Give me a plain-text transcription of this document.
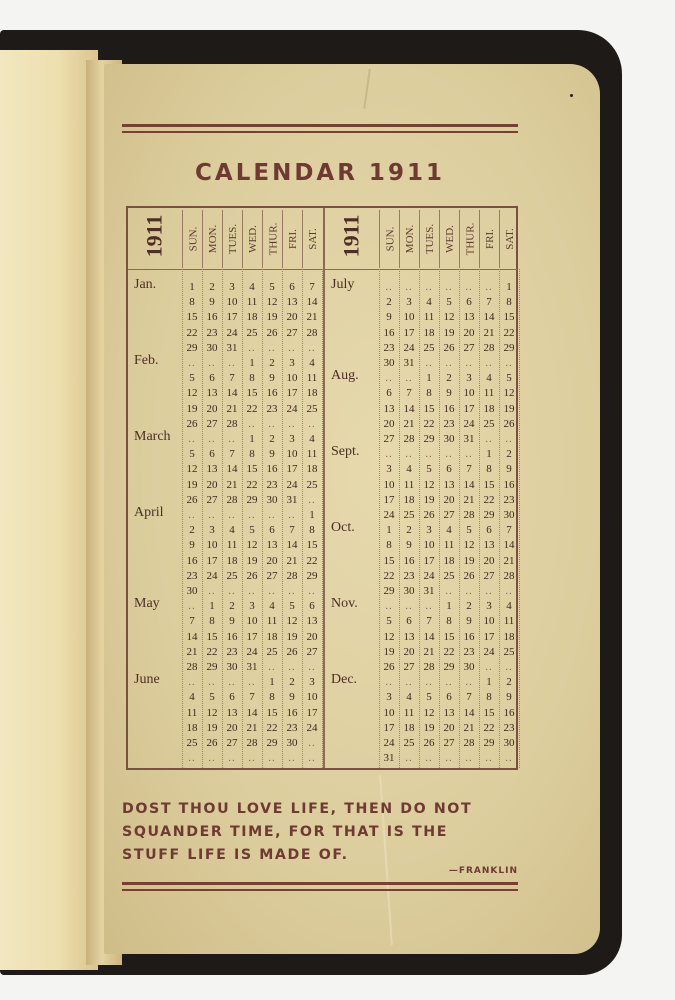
CALENDAR 1911
1911 SUN. MON. TUES. WED. THUR. FRI. SAT.
Jan.	1	2	3	4	5	6	7
8	9	10 11 12 13 14
15 16 17 18 19 20 21
22 23 24 25 26 27 28
29 30 31 ..	..	..	..
Feb.	..	..	..	1	2	3	4
5	6	7	8	9	10 11
12 13 14 15 16 17 18
19 20 21 22 23 24 25
26 27 28 ..	..	..	..
March	..	..	..	1	2	3	4
5	6	7	8	9	10 11
12 13 14 15 16 17 18
19 20 21 22 23 24 25
26 27 28 29 30 31 ..
April	..	..	..	..	..	..	1
2	3	4	5	6	7	8
9	10 11 12 13 14 15
16 17 18 19 20 21 22
23 24 25 26 27 28 29
30 ..	..	..	..	..	..
May	..	1	2	3	4	5	6
7	8	9	10 11 12 13
14 15 16 17 18 19 20
21 22 23 24 25 26 27
28 29 30 31 ..	..	..
June	..	..	..	..	1	2	3
4	5	6	7	8	9	10
11 12 13 14 15 16 17
18 19 20 21 22 23 24
25 26 27 28 29 30 ..
..	..	..	..	..	..	..
1911 SUN. MON. TUES. WED. THUR. FRI. SAT.
July	..	..	..	..	..	..	1
2	3	4	5	6	7	8
9	10 11 12 13 14 15
16 17 18 19 20 21 22
23 24 25 26 27 28 29
30 31 ..	..	..	..	..
Aug.	..	..	1	2	3	4	5
6	7	8	9	10 11 12
13 14 15 16 17 18 19
20 21 22 23 24 25 26
27 28 29 30 31 ..	..
Sept.	..	..	..	..	..	1	2
3	4	5	6	7	8	9
10 11 12 13 14 15 16
17 18 19 20 21 22 23
24 25 26 27 28 29 30
Oct.	1	2	3	4	5	6	7
8	9	10 11 12 13 14
15 16 17 18 19 20 21
22 23 24 25 26 27 28
29 30 31 ..	..	..	..
Nov.	..	..	..	1	2	3	4
5	6	7	8	9	10 11
12 13 14 15 16 17 18
19 20 21 22 23 24 25
26 27 28 29 30 ..	..
Dec.	..	..	..	..	..	1	2
3	4	5	6	7	8	9
10 11 12 13 14 15 16
17 18 19 20 21 22 23
24 25 26 27 28 29 30
31 ..	..	..	..	..	..
DOST THOU LOVE LIFE, THEN DO NOT
SQUANDER TIME, FOR THAT IS THE
STUFF LIFE IS MADE OF.
—FRANKLIN
